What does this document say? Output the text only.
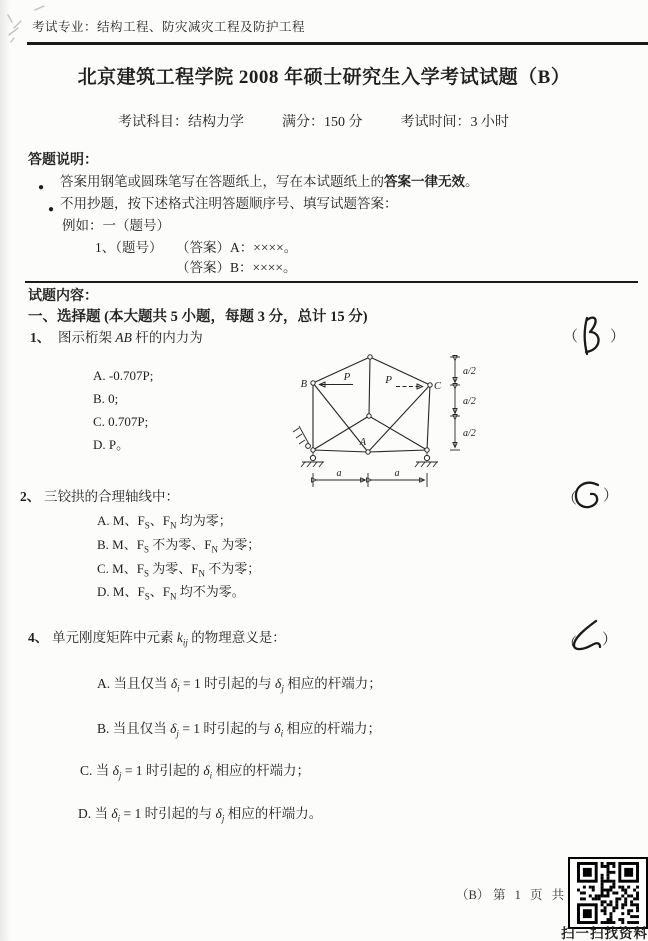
考试专业：结构工程、防灾减灾工程及防护工程
北京建筑工程学院 2008 年硕士研究生入学考试试题（B）
考试科目：结构力学	满分：150 分	考试时间：3 小时
答题说明：
$_●$ 答案用钢笔或圆珠笔写在答题纸上，写在本试题纸上的答案一律无效。
$_●$ 不用抄题，按下述格式注明答题顺序号、填写试题答案：
例如：一（题号）
1、（题号） （答案）A：××××。
（答案）B：××××。
试题内容：
一、选择题 (本大题共 5 小题，每题 3 分，总计 15 分)
1、 图示桁架 AB 杆的内力为	（ ）
A. -0.707P;
B. 0;
C. 0.707P;
D. P。
P	P
B	C
A
a/2
a/2
a/2
a	a
2、 三铰拱的合理轴线中：	（ ）
A. M、$F_S$、$F_N$ 均为零；
B. M、$F_S$ 不为零、$F_N$ 为零；
C. M、$F_S$ 为零、$F_N$ 不为零；
D. M、$F_S$、$F_N$ 均不为零。
4、 单元刚度矩阵中元素 $k_{ij}$ 的物理意义是：	（ ）
A. 当且仅当 $\delta_i = 1$ 时引起的与 $\delta_j$ 相应的杆端力；
B. 当且仅当 $\delta_j = 1$ 时引起的与 $\delta_i$ 相应的杆端力；
C. 当 $\delta_j = 1$ 时引起的 $\delta_i$ 相应的杆端力；
D. 当 $\delta_i = 1$ 时引起的与 $\delta_j$ 相应的杆端力。
（B） 第 1 页 共
扫一扫找资料
